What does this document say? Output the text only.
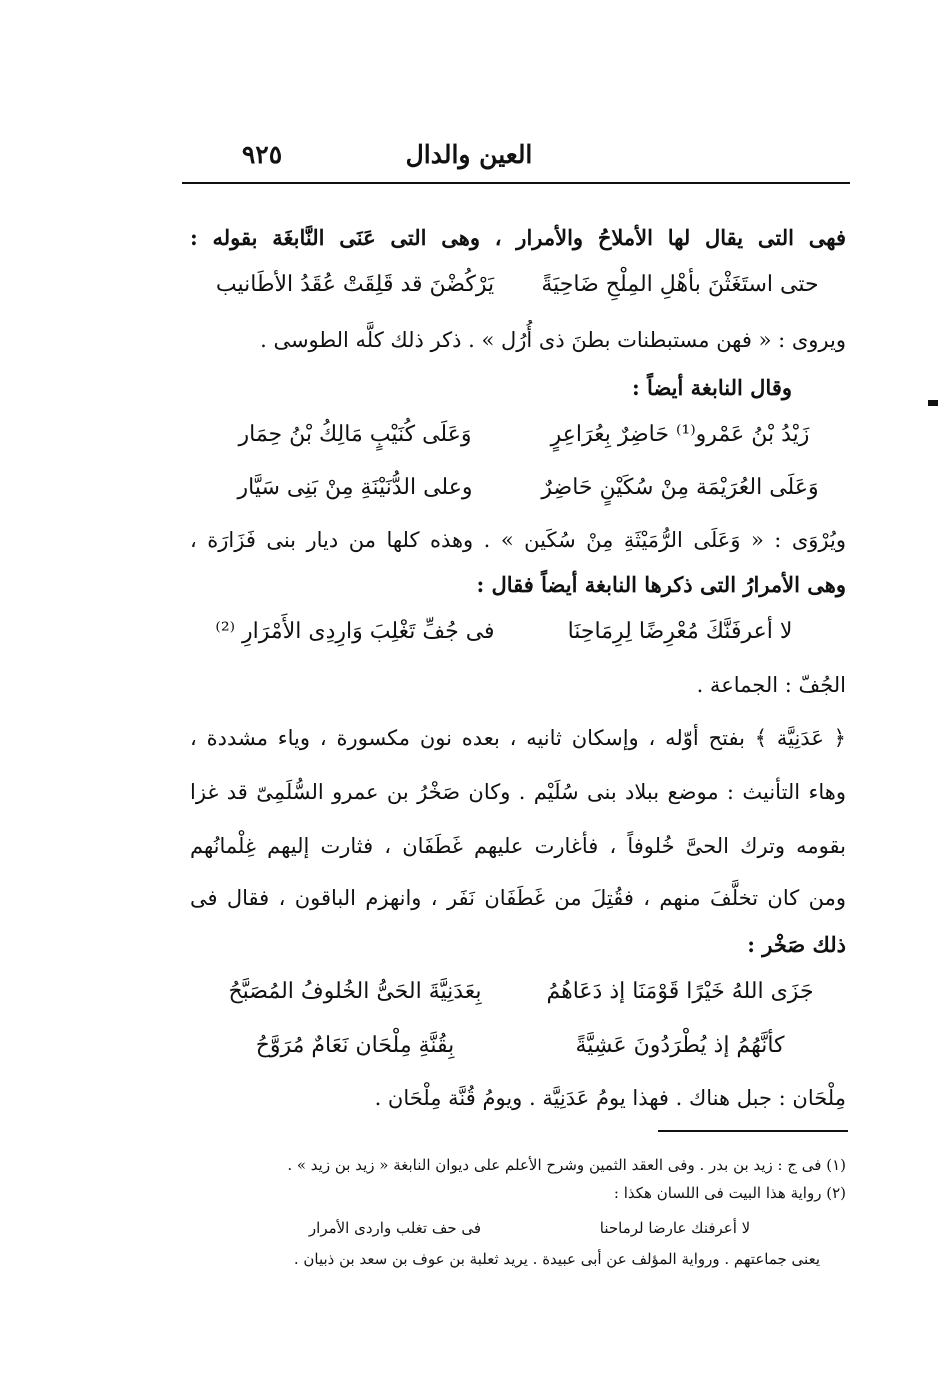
العين والدال
٩٢٥
فهى التى يقال لها الأملاحُ والأمرار ، وهى التى عَنَى النَّابغَة بقوله :
حتى استَغَثْنَ بأهْلِ المِلْحِ ضَاحِيَةً
يَرْكُضْنَ قد قَلِقَتْ عُقَدُ الأطَانيب
ويروى : « فهن مستبطنات بطنَ ذى أُرُل » . ذكر ذلك كلَّه الطوسى .
وقال النابغة أيضاً :
زَيْدُ بْنُ عَمْرو⁽¹⁾ حَاضِرٌ بِعُرَاعِرٍ
وَعَلَى كُنَيْبٍ مَالِكُ بْنُ حِمَار
وَعَلَى العُرَيْمَة مِنْ سُكَيْنٍ حَاضِرٌ
وعلى الدُّنَيْنَةِ مِنْ بَنِى سَيَّار
ويُرْوَى : « وَعَلَى الرُّمَيْثَةِ مِنْ سُكَين » . وهذه كلها من ديار بنى فَزَارَة ،
وهى الأمرارُ التى ذكرها النابغة أيضاً فقال :
لا أعرفَنَّكَ مُعْرِضًا لِرِمَاحِنَا
فى جُفِّ تَغْلِبَ وَارِدِى الأَمْرَارِ ⁽²⁾
الجُفّ : الجماعة .
﴿ عَدَنِيَّة ﴾ بفتح أوّله ، وإسكان ثانيه ، بعده نون مكسورة ، وياء مشددة ،
وهاء التأنيث : موضع ببلاد بنى سُلَيْم . وكان صَخْرُ بن عمرو السُّلَمِىّ قد غزا
بقومه وترك الحىَّ خُلوفاً ، فأغارت عليهم غَطَفَان ، فثارت إليهم غِلْمانُهم
ومن كان تخلَّفَ منهم ، فقُتِلَ من غَطَفَان نَفَر ، وانهزم الباقون ، فقال فى
ذلك صَخْر :
جَزَى اللهُ خَيْرًا قَوْمَنَا إذ دَعَاهُمُ
بِعَدَنِيَّةَ الحَىُّ الخُلوفُ المُصَبَّحُ
كأنَّهُمُ إذ يُطْرَدُونَ عَشِيَّةً
بِقُنَّةِ مِلْحَان نَعَامٌ مُرَوَّحُ
مِلْحَان : جبل هناك . فهذا يومُ عَدَنِيَّة . ويومُ قُنَّة مِلْحَان .
(١) فى ج : زيد بن بدر . وفى العقد الثمين وشرح الأعلم على ديوان النابغة « زيد بن زيد » .
(٢) رواية هذا البيت فى اللسان هكذا :
لا أعرفنك عارضا لرماحنا
فى حف تغلب واردى الأمرار
يعنى جماعتهم . ورواية المؤلف عن أبى عبيدة . يريد ثعلبة بن عوف بن سعد بن ذبيان .
